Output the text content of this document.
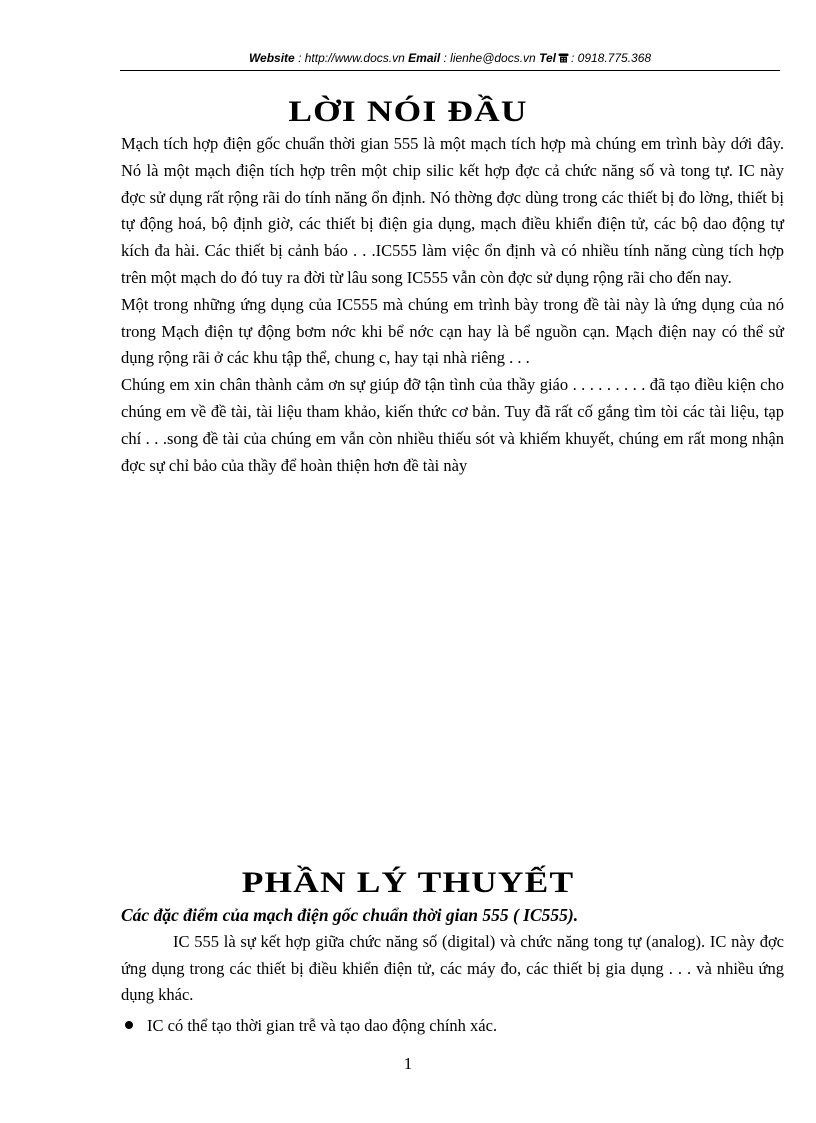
Website : http://www.docs.vn Email : lienhe@docs.vn Tel : 0918.775.368
LỜI NÓI ĐẦU

Mạch tích hợp điện gốc chuẩn thời gian 555 là một mạch tích hợp mà chúng em trình bày dới đây. Nó là một mạch điện tích hợp trên một chip silic kết hợp đợc cả chức năng số và tong tự. IC này đợc sử dụng rất rộng rãi do tính năng ổn định. Nó thờng đợc dùng trong các thiết bị đo lờng, thiết bị tự động hoá, bộ định giờ, các thiết bị điện gia dụng, mạch điều khiển điện tử, các bộ dao động tự kích đa hài. Các thiết bị cảnh báo . . .IC555 làm việc ổn định và có nhiều tính năng cùng tích hợp trên một mạch do đó tuy ra đời từ lâu song IC555 vẫn còn đợc sử dụng rộng rãi cho đến nay.

Một trong những ứng dụng của IC555 mà chúng em trình bày trong đề tài này là ứng dụng của nó trong Mạch điện tự động bơm nớc khi bể nớc cạn hay là bể nguồn cạn. Mạch điện nay có thể sử dụng rộng rãi ở các khu tập thể, chung c, hay tại nhà riêng . . .

Chúng em xin chân thành cảm ơn sự giúp đỡ tận tình của thầy giáo . . . . . . . . . đã tạo điều kiện cho chúng em về đề tài, tài liệu tham khảo, kiến thức cơ bản. Tuy đã rất cố gắng tìm tòi các tài liệu, tạp chí . . .song đề tài của chúng em vẫn còn nhiều thiếu sót và khiếm khuyết, chúng em rất mong nhận đợc sự chỉ bảo của thầy để hoàn thiện hơn đề tài này

PHẦN LÝ THUYẾT
Các đặc điểm của mạch điện gốc chuẩn thời gian 555 ( IC555).

IC 555 là sự kết hợp giữa chức năng số (digital) và chức năng tong tự (analog). IC này đợc ứng dụng trong các thiết bị điều khiển điện tử, các máy đo, các thiết bị gia dụng . . . và nhiều ứng dụng khác.

IC có thể tạo thời gian trễ và tạo dao động chính xác.
1
